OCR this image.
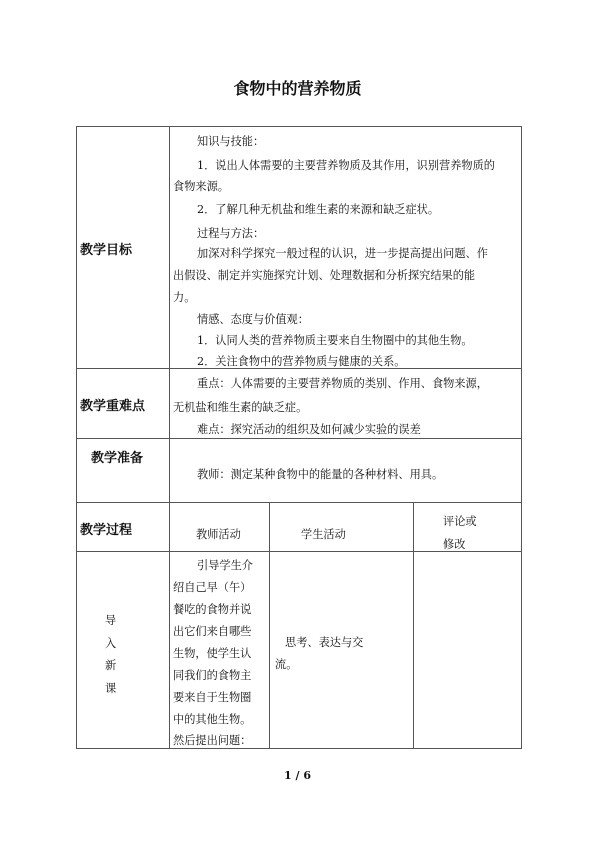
食物中的营养物质
教学目标
知识与技能：
1．说出人体需要的主要营养物质及其作用，识别营养物质的
食物来源。
2．了解几种无机盐和维生素的来源和缺乏症状。
过程与方法：
加深对科学探究一般过程的认识，进一步提高提出问题、作
出假设、制定并实施探究计划、处理数据和分析探究结果的能
力。
情感、态度与价值观：
1．认同人类的营养物质主要来自生物圈中的其他生物。
2．关注食物中的营养物质与健康的关系。
教学重难点
重点：人体需要的主要营养物质的类别、作用、食物来源，
无机盐和维生素的缺乏症。
难点：探究活动的组织及如何减少实验的误差
教学准备
教师：测定某种食物中的能量的各种材料、用具。
教学过程	教师活动	学生活动
评论或
修改
导
入
新
课
引导学生介
绍自己早（午）
餐吃的食物并说
出它们来自哪些
生物，使学生认
同我们的食物主
要来自于生物圈
中的其他生物。
然后提出问题：
思考、表达与交
流。
1 / 6
